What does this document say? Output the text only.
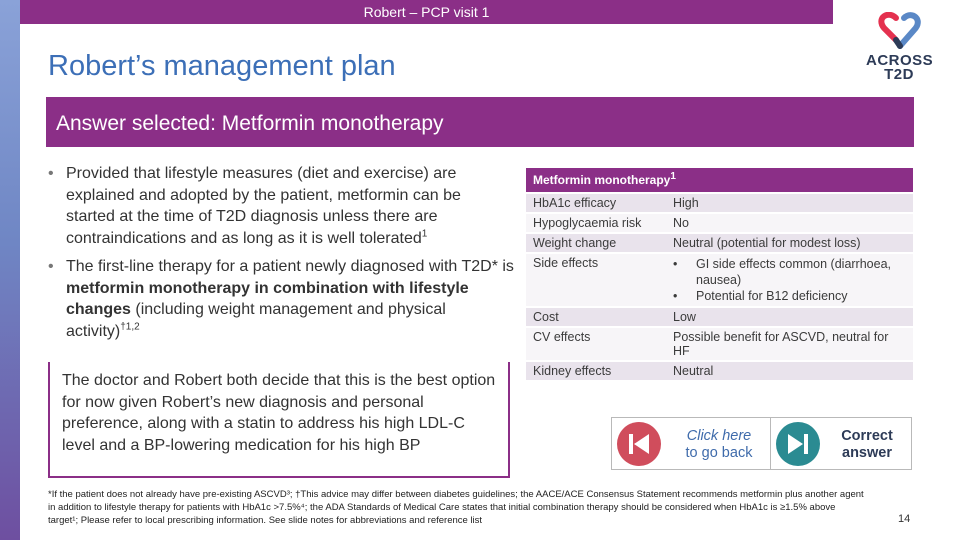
Robert – PCP visit 1
Robert’s management plan	ACROSS
T2D
Answer selected: Metformin monotherapy
• Provided that lifestyle measures (diet and exercise) are explained and adopted by the patient, metformin can be started at the time of T2D diagnosis unless there are contraindications and as long as it is well tolerated$^1$
• The first-line therapy for a patient newly diagnosed with T2D* is metformin monotherapy in combination with lifestyle changes (including weight management and physical activity)$^{\dagger 1,2}$
The doctor and Robert both decide that this is the best option for now given Robert’s new diagnosis and personal preference, along with a statin to address his high LDL-C level and a BP-lowering medication for his high BP
Metformin monotherapy$^1$
HbA1c efficacy	High
Hypoglycaemia risk	No
Weight change	Neutral (potential for modest loss)
Side effects	• GI side effects common (diarrhoea, nausea)
• Potential for B12 deficiency

Cost	Low
CV effects	Possible benefit for ASCVD, neutral for HF
Kidney effects	Neutral
Click here
to go back
Correct
answer
*If the patient does not already have pre-existing ASCVD³; †This advice may differ between diabetes guidelines; the AACE/ACE Consensus Statement recommends metformin plus another agent in addition to lifestyle therapy for patients with HbA1c >7.5%⁴; the ADA Standards of Medical Care states that initial combination therapy should be considered when HbA1c is ≥1.5% above target¹; Please refer to local prescribing information. See slide notes for abbreviations and reference list	14
